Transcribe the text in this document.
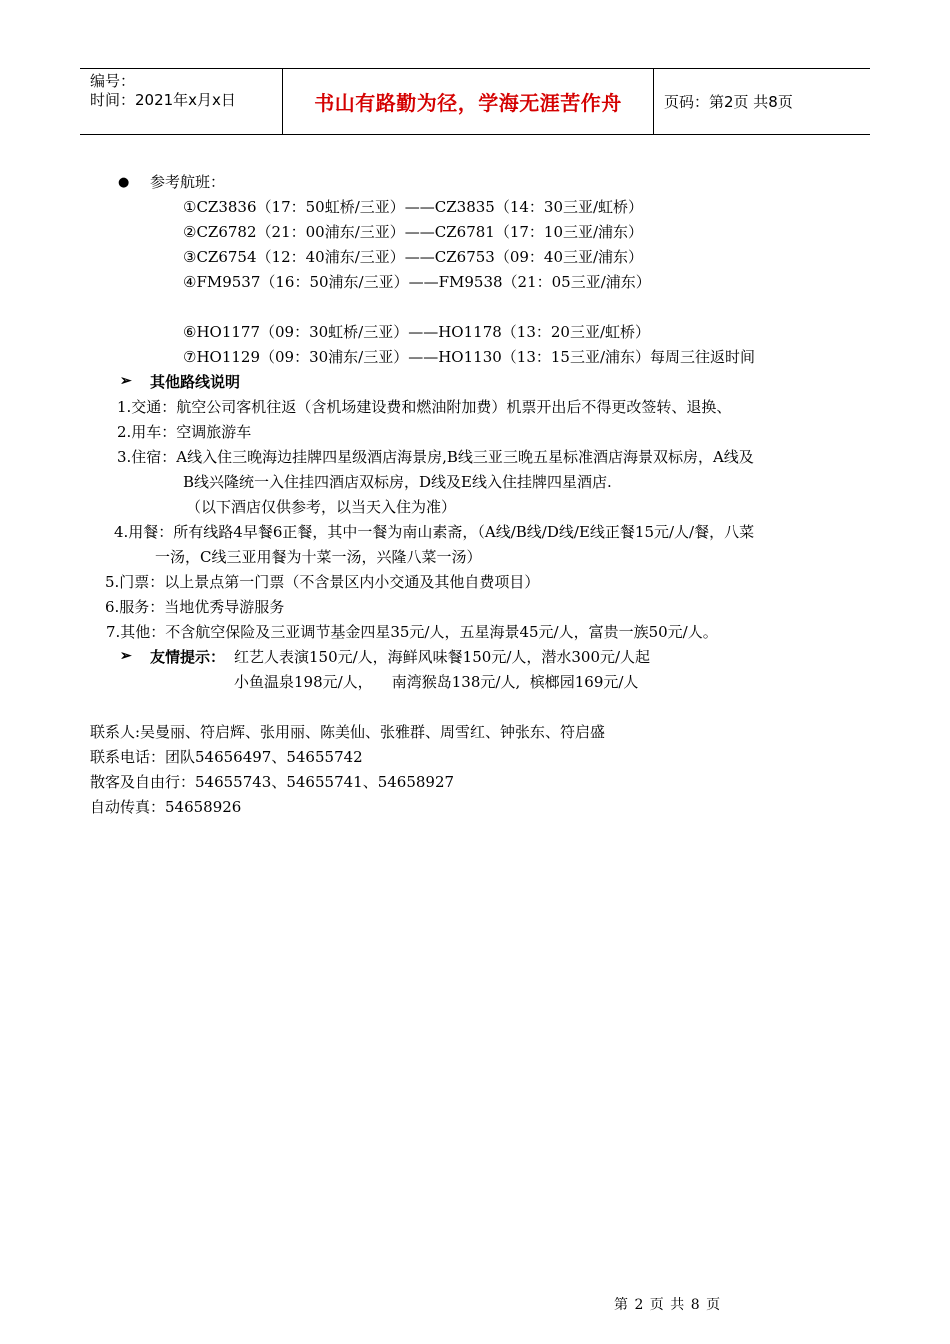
编号：
时间：2021年x月x日	书山有路勤为径，学海无涯苦作舟	页码：第2页 共8页
● 参考航班：
①CZ3836（17：50虹桥/三亚）——CZ3835（14：30三亚/虹桥）
②CZ6782（21：00浦东/三亚）——CZ6781（17：10三亚/浦东）
③CZ6754（12：40浦东/三亚）——CZ6753（09：40三亚/浦东）
④FM9537（16：50浦东/三亚）——FM9538（21：05三亚/浦东）
⑥HO1177（09：30虹桥/三亚）——HO1178（13：20三亚/虹桥）
⑦HO1129（09：30浦东/三亚）——HO1130（13：15三亚/浦东）每周三往返时间
➢ 其他路线说明
1.交通：航空公司客机往返（含机场建设费和燃油附加费）机票开出后不得更改签转、退换、
2.用车：空调旅游车
3.住宿：A线入住三晚海边挂牌四星级酒店海景房,B线三亚三晚五星标准酒店海景双标房，A线及
B线兴隆统一入住挂四酒店双标房，D线及E线入住挂牌四星酒店.
（以下酒店仅供参考，以当天入住为准）
4.用餐：所有线路4早餐6正餐，其中一餐为南山素斋，（A线/B线/D线/E线正餐15元/人/餐，八菜
一汤，C线三亚用餐为十菜一汤，兴隆八菜一汤）
5.门票：以上景点第一门票（不含景区内小交通及其他自费项目）
6.服务：当地优秀导游服务
7.其他：不含航空保险及三亚调节基金四星35元/人，五星海景45元/人，富贵一族50元/人。
➢ 友情提示： 红艺人表演150元/人，海鲜风味餐150元/人，潜水300元/人起
小鱼温泉198元/人，    南湾猴岛138元/人,  槟榔园169元/人
联系人:吴曼丽、符启辉、张用丽、陈美仙、张雅群、周雪红、钟张东、符启盛
联系电话：团队54656497、54655742
散客及自由行：54655743、54655741、54658927
自动传真：54658926
第 2 页 共 8 页
